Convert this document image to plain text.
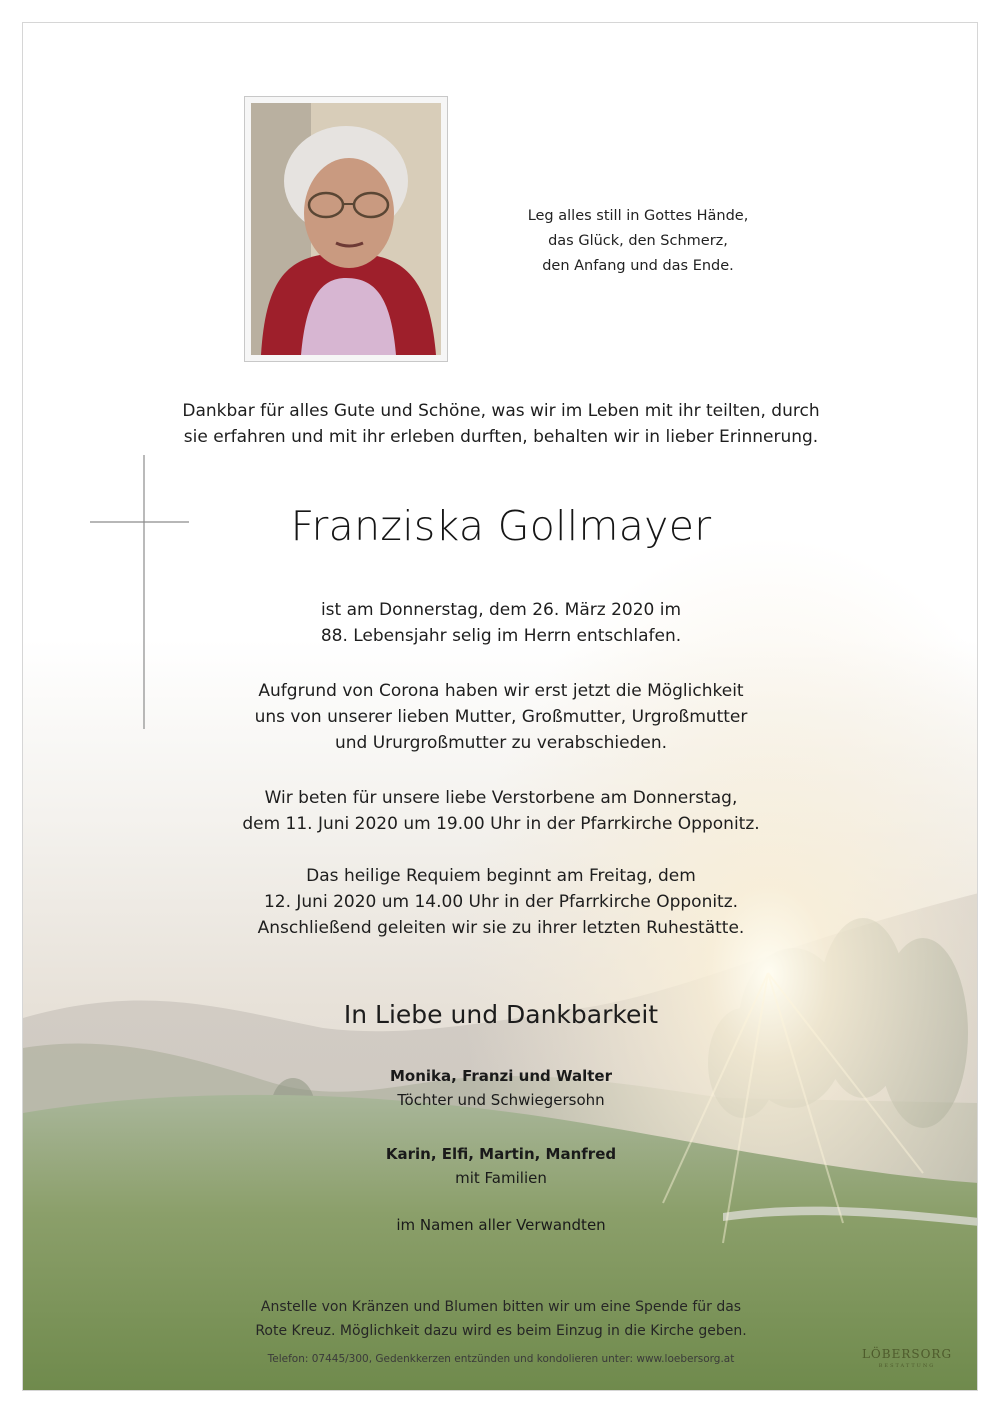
Leg alles still in Gottes Hände,

das Glück, den Schmerz,

den Anfang und das Ende.

Dankbar für alles Gute und Schöne, was wir im Leben mit ihr teilten, durch

sie erfahren und mit ihr erleben durften, behalten wir in lieber Erinnerung.

Franziska Gollmayer

ist am Donnerstag, dem 26. März 2020 im

88. Lebensjahr selig im Herrn entschlafen.

Aufgrund von Corona haben wir erst jetzt die Möglichkeit

uns von unserer lieben Mutter, Großmutter, Urgroßmutter

und Ururgroßmutter zu verabschieden.

Wir beten für unsere liebe Verstorbene am Donnerstag,

dem 11. Juni 2020 um 19.00 Uhr in der Pfarrkirche Opponitz.

Das heilige Requiem beginnt am Freitag, dem

12. Juni 2020 um 14.00 Uhr in der Pfarrkirche Opponitz.

Anschließend geleiten wir sie zu ihrer letzten Ruhestätte.

In Liebe und Dankbarkeit

Monika, Franzi und Walter

Töchter und Schwiegersohn

Karin, Elfi, Martin, Manfred

mit Familien

im Namen aller Verwandten

Anstelle von Kränzen und Blumen bitten wir um eine Spende für das

Rote Kreuz. Möglichkeit dazu wird es beim Einzug in die Kirche geben.

Telefon: 07445/300, Gedenkkerzen entzünden und kondolieren unter: www.loebersorg.at	LÖBERSORG
BESTATTUNG
